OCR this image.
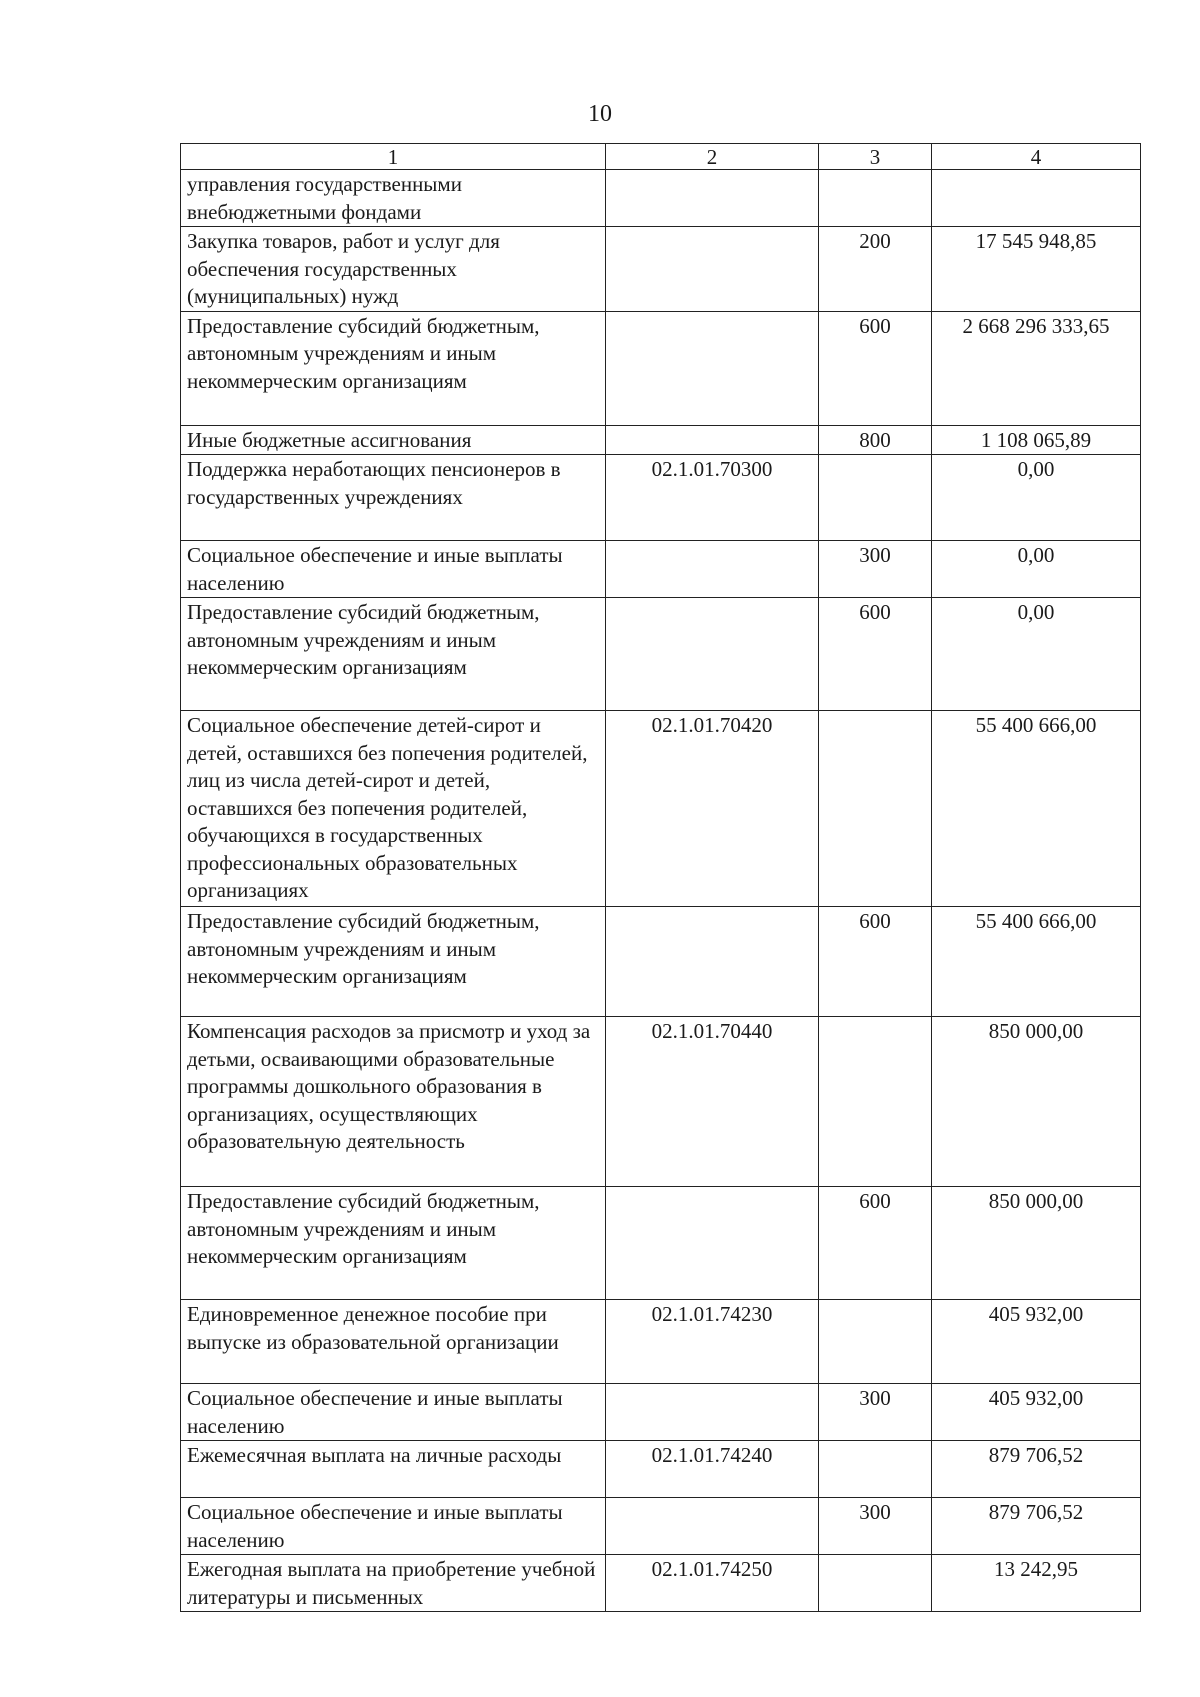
10
1	2	3	4
управления государственными внебюджетными фондами			
Закупка товаров, работ и услуг для обеспечения государственных (муниципальных) нужд		200	17 545 948,85
Предоставление субсидий бюджетным, автономным учреждениям и иным некоммерческим организациям		600	2 668 296 333,65
Иные бюджетные ассигнования		800	1 108 065,89
Поддержка неработающих пенсионеров в государственных учреждениях	02.1.01.70300		0,00
Социальное обеспечение и иные выплаты населению		300	0,00
Предоставление субсидий бюджетным, автономным учреждениям и иным некоммерческим организациям		600	0,00
Социальное обеспечение детей-сирот и детей, оставшихся без попечения родителей, лиц из числа детей-сирот и детей, оставшихся без попечения родителей, обучающихся в государственных профессиональных образовательных организациях	02.1.01.70420		55 400 666,00
Предоставление субсидий бюджетным, автономным учреждениям и иным некоммерческим организациям		600	55 400 666,00
Компенсация расходов за присмотр и уход за детьми, осваивающими образовательные программы дошкольного образования в организациях, осуществляющих образовательную деятельность	02.1.01.70440		850 000,00
Предоставление субсидий бюджетным, автономным учреждениям и иным некоммерческим организациям		600	850 000,00
Единовременное денежное пособие при выпуске из образовательной организации	02.1.01.74230		405 932,00
Социальное обеспечение и иные выплаты населению		300	405 932,00
Ежемесячная выплата на личные расходы	02.1.01.74240		879 706,52
Социальное обеспечение и иные выплаты населению		300	879 706,52
Ежегодная выплата на приобретение учебной литературы и письменных	02.1.01.74250		13 242,95
